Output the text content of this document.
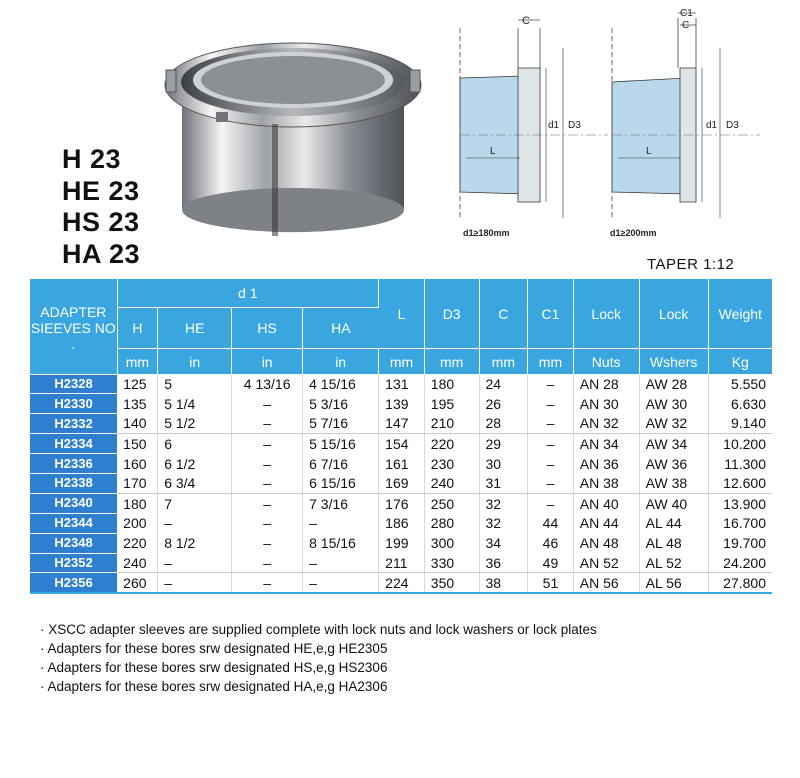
H 23
HE 23
HS 23
HA 23
C
L
d1 D3
d1≥180mm
C1
C
L
d1 D3
d1≥200mm
TAPER 1:12
ADAPTER SIEEVES NO .	d 1				L	D3	C	C1	Lock	Lock	Weight
	H	HE	HS	HA							
	mm	in	in	in	mm	mm	mm	mm	Nuts	Wshers	Kg
H2328	125	5	4 13/16	4 15/16	131	180	24	–	AN 28	AW 28	5.550
H2330	135	5 1/4	–	5 3/16	139	195	26	–	AN 30	AW 30	6.630
H2332	140	5 1/2	–	5 7/16	147	210	28	–	AN 32	AW 32	9.140
H2334	150	6	–	5 15/16	154	220	29	–	AN 34	AW 34	10.200
H2336	160	6 1/2	–	6 7/16	161	230	30	–	AN 36	AW 36	11.300
H2338	170	6 3/4	–	6 15/16	169	240	31	–	AN 38	AW 38	12.600
H2340	180	7	–	7 3/16	176	250	32	–	AN 40	AW 40	13.900
H2344	200	–	–	–	186	280	32	44	AN 44	AL 44	16.700
H2348	220	8 1/2	–	8 15/16	199	300	34	46	AN 48	AL 48	19.700
H2352	240	–	–	–	211	330	36	49	AN 52	AL 52	24.200
H2356	260	–	–	–	224	350	38	51	AN 56	AL 56	27.800
· XSCC adapter sleeves are supplied complete with lock nuts and lock washers or lock plates
· Adapters for these bores srw designated HE,e,g HE2305
· Adapters for these bores srw designated HS,e,g HS2306
· Adapters for these bores srw designated HA,e,g HA2306
